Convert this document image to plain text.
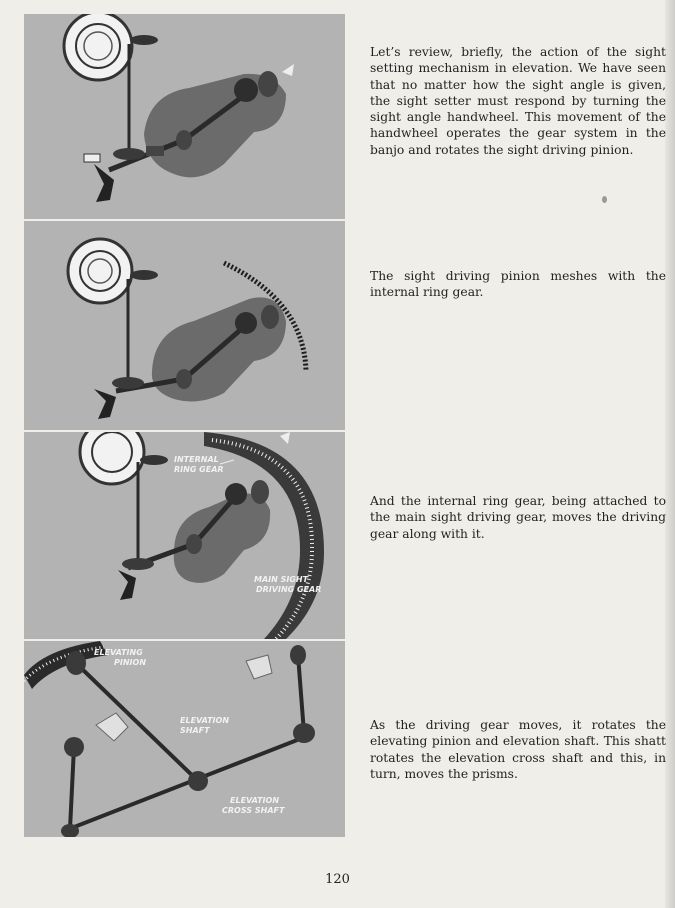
INTERNAL
RING GEAR
MAIN SIGHT
DRIVING GEAR
ELEVATING
PINION
ELEVATION
SHAFT
ELEVATION
CROSS SHAFT

Let’s review, briefly, the action of the sight setting mechanism in elevation. We have seen that no matter how the sight angle is given, the sight setter must respond by turning the sight angle handwheel. This movement of the handwheel operates the gear system in the banjo and rotates the sight driving pinion.

The sight driving pinion meshes with the internal ring gear.

And the internal ring gear, being attached to the main sight driving gear, moves the driving gear along with it.

As the driving gear moves, it rotates the elevating pinion and elevation shaft. This shatt rotates the elevation cross shaft and this, in turn, moves the prisms.

120
